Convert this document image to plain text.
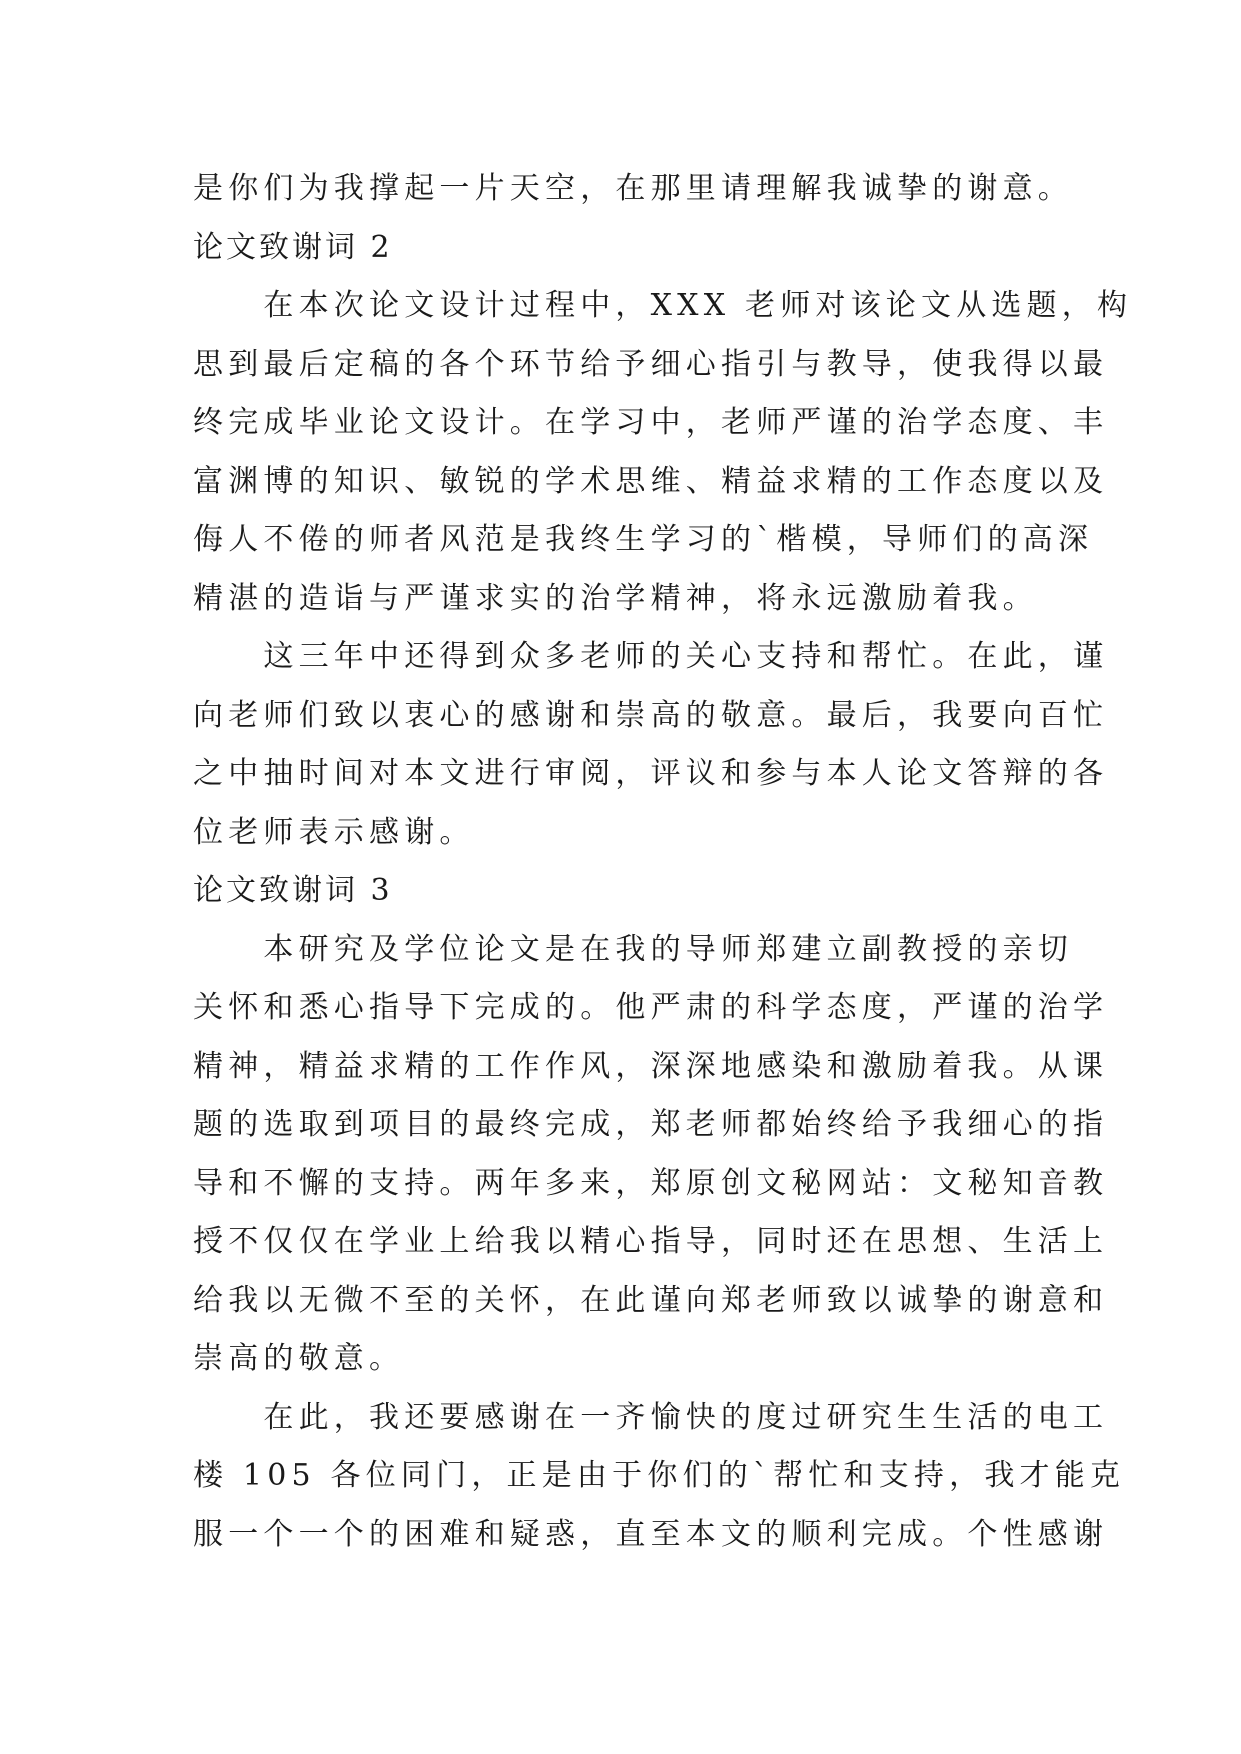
是你们为我撑起一片天空，在那里请理解我诚挚的谢意。
论文致谢词 2
　　在本次论文设计过程中，XXX 老师对该论文从选题，构
思到最后定稿的各个环节给予细心指引与教导，使我得以最
终完成毕业论文设计。在学习中，老师严谨的治学态度、丰
富渊博的知识、敏锐的学术思维、精益求精的工作态度以及
侮人不倦的师者风范是我终生学习的`楷模，导师们的高深
精湛的造诣与严谨求实的治学精神，将永远激励着我。
　　这三年中还得到众多老师的关心支持和帮忙。在此，谨
向老师们致以衷心的感谢和崇高的敬意。最后，我要向百忙
之中抽时间对本文进行审阅，评议和参与本人论文答辩的各
位老师表示感谢。
论文致谢词 3
　　本研究及学位论文是在我的导师郑建立副教授的亲切
关怀和悉心指导下完成的。他严肃的科学态度，严谨的治学
精神，精益求精的工作作风，深深地感染和激励着我。从课
题的选取到项目的最终完成，郑老师都始终给予我细心的指
导和不懈的支持。两年多来，郑原创文秘网站：文秘知音教
授不仅仅在学业上给我以精心指导，同时还在思想、生活上
给我以无微不至的关怀，在此谨向郑老师致以诚挚的谢意和
崇高的敬意。
　　在此，我还要感谢在一齐愉快的度过研究生生活的电工
楼 105 各位同门，正是由于你们的`帮忙和支持，我才能克
服一个一个的困难和疑惑，直至本文的顺利完成。个性感谢
